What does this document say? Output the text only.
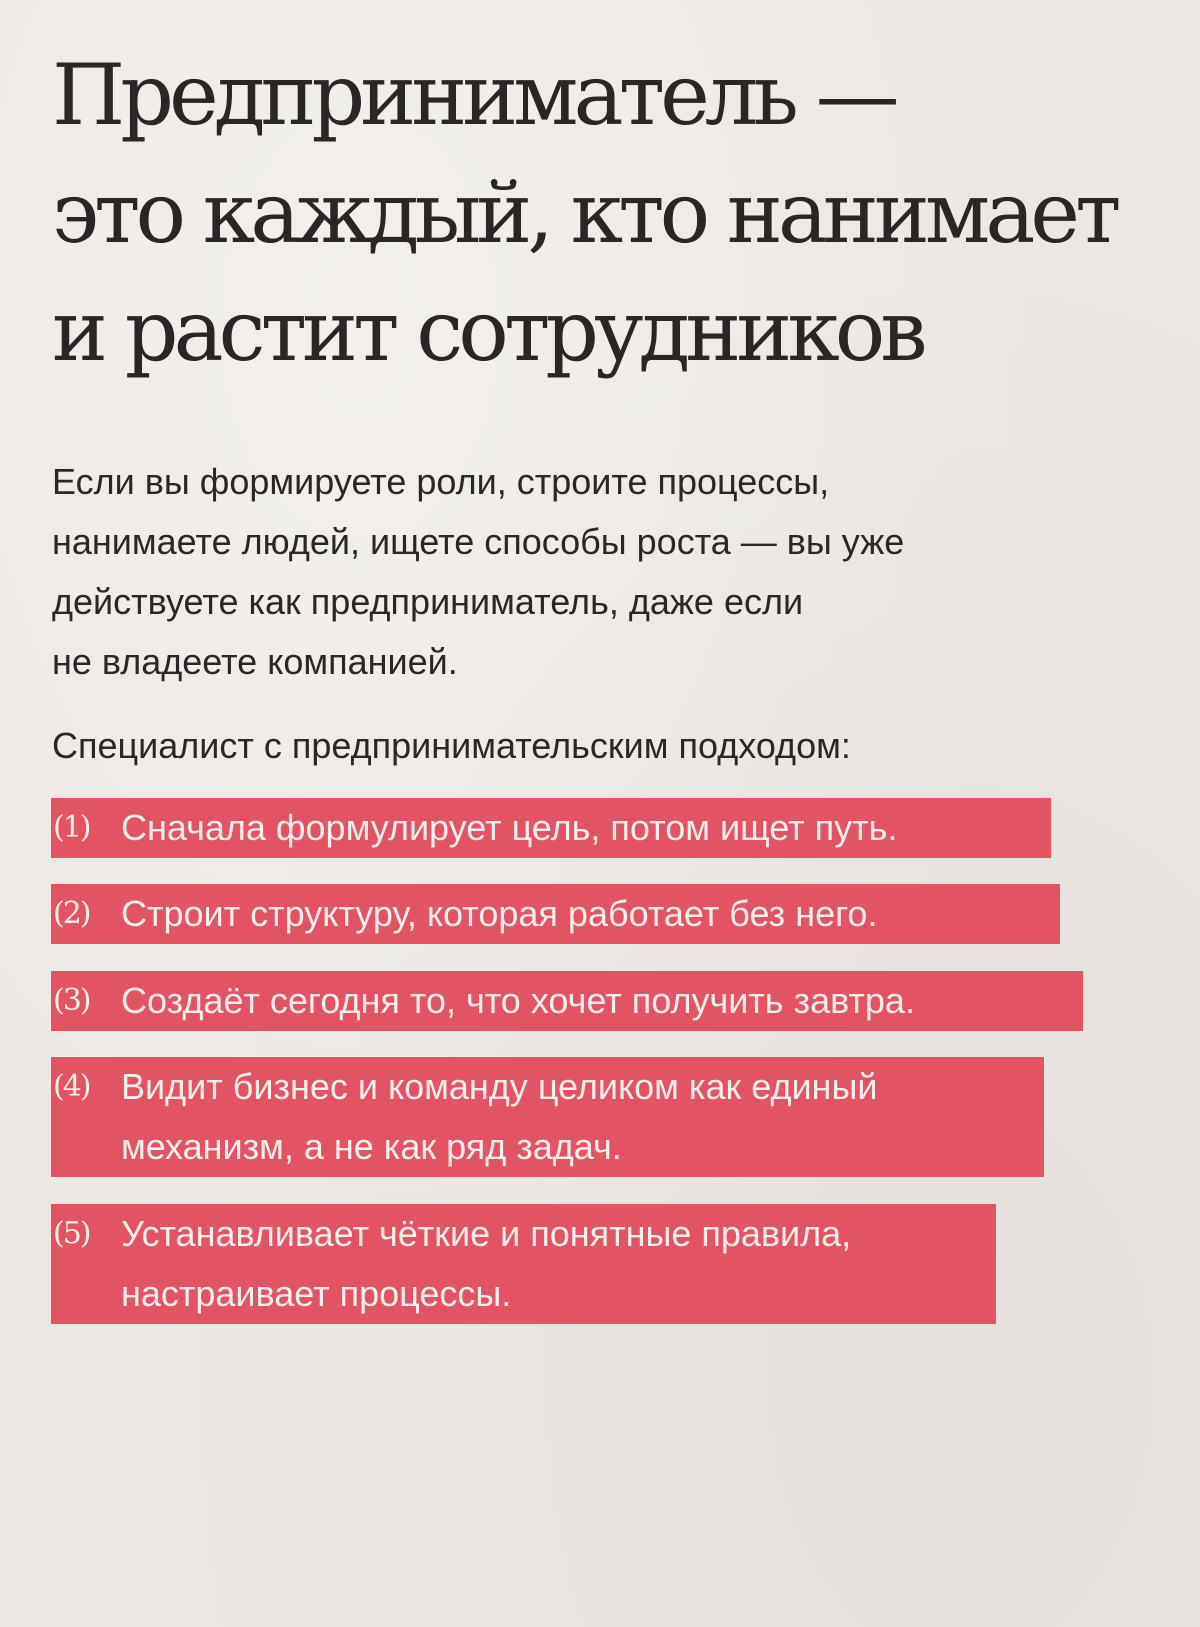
Предприниматель —
это каждый, кто нанимает
и растит сотрудников

Если вы формируете роли, строите процессы,
нанимаете людей, ищете способы роста — вы уже
действуете как предприниматель, даже если
не владеете компанией.

Специалист с предпринимательским подходом:
(1) Сначала формулирует цель, потом ищет путь.
(2) Строит структуру, которая работает без него.
(3) Создаёт сегодня то, что хочет получить завтра.
(4) Видит бизнес и команду целиком как единый
механизм, а не как ряд задач.
(5) Устанавливает чёткие и понятные правила,
настраивает процессы.
